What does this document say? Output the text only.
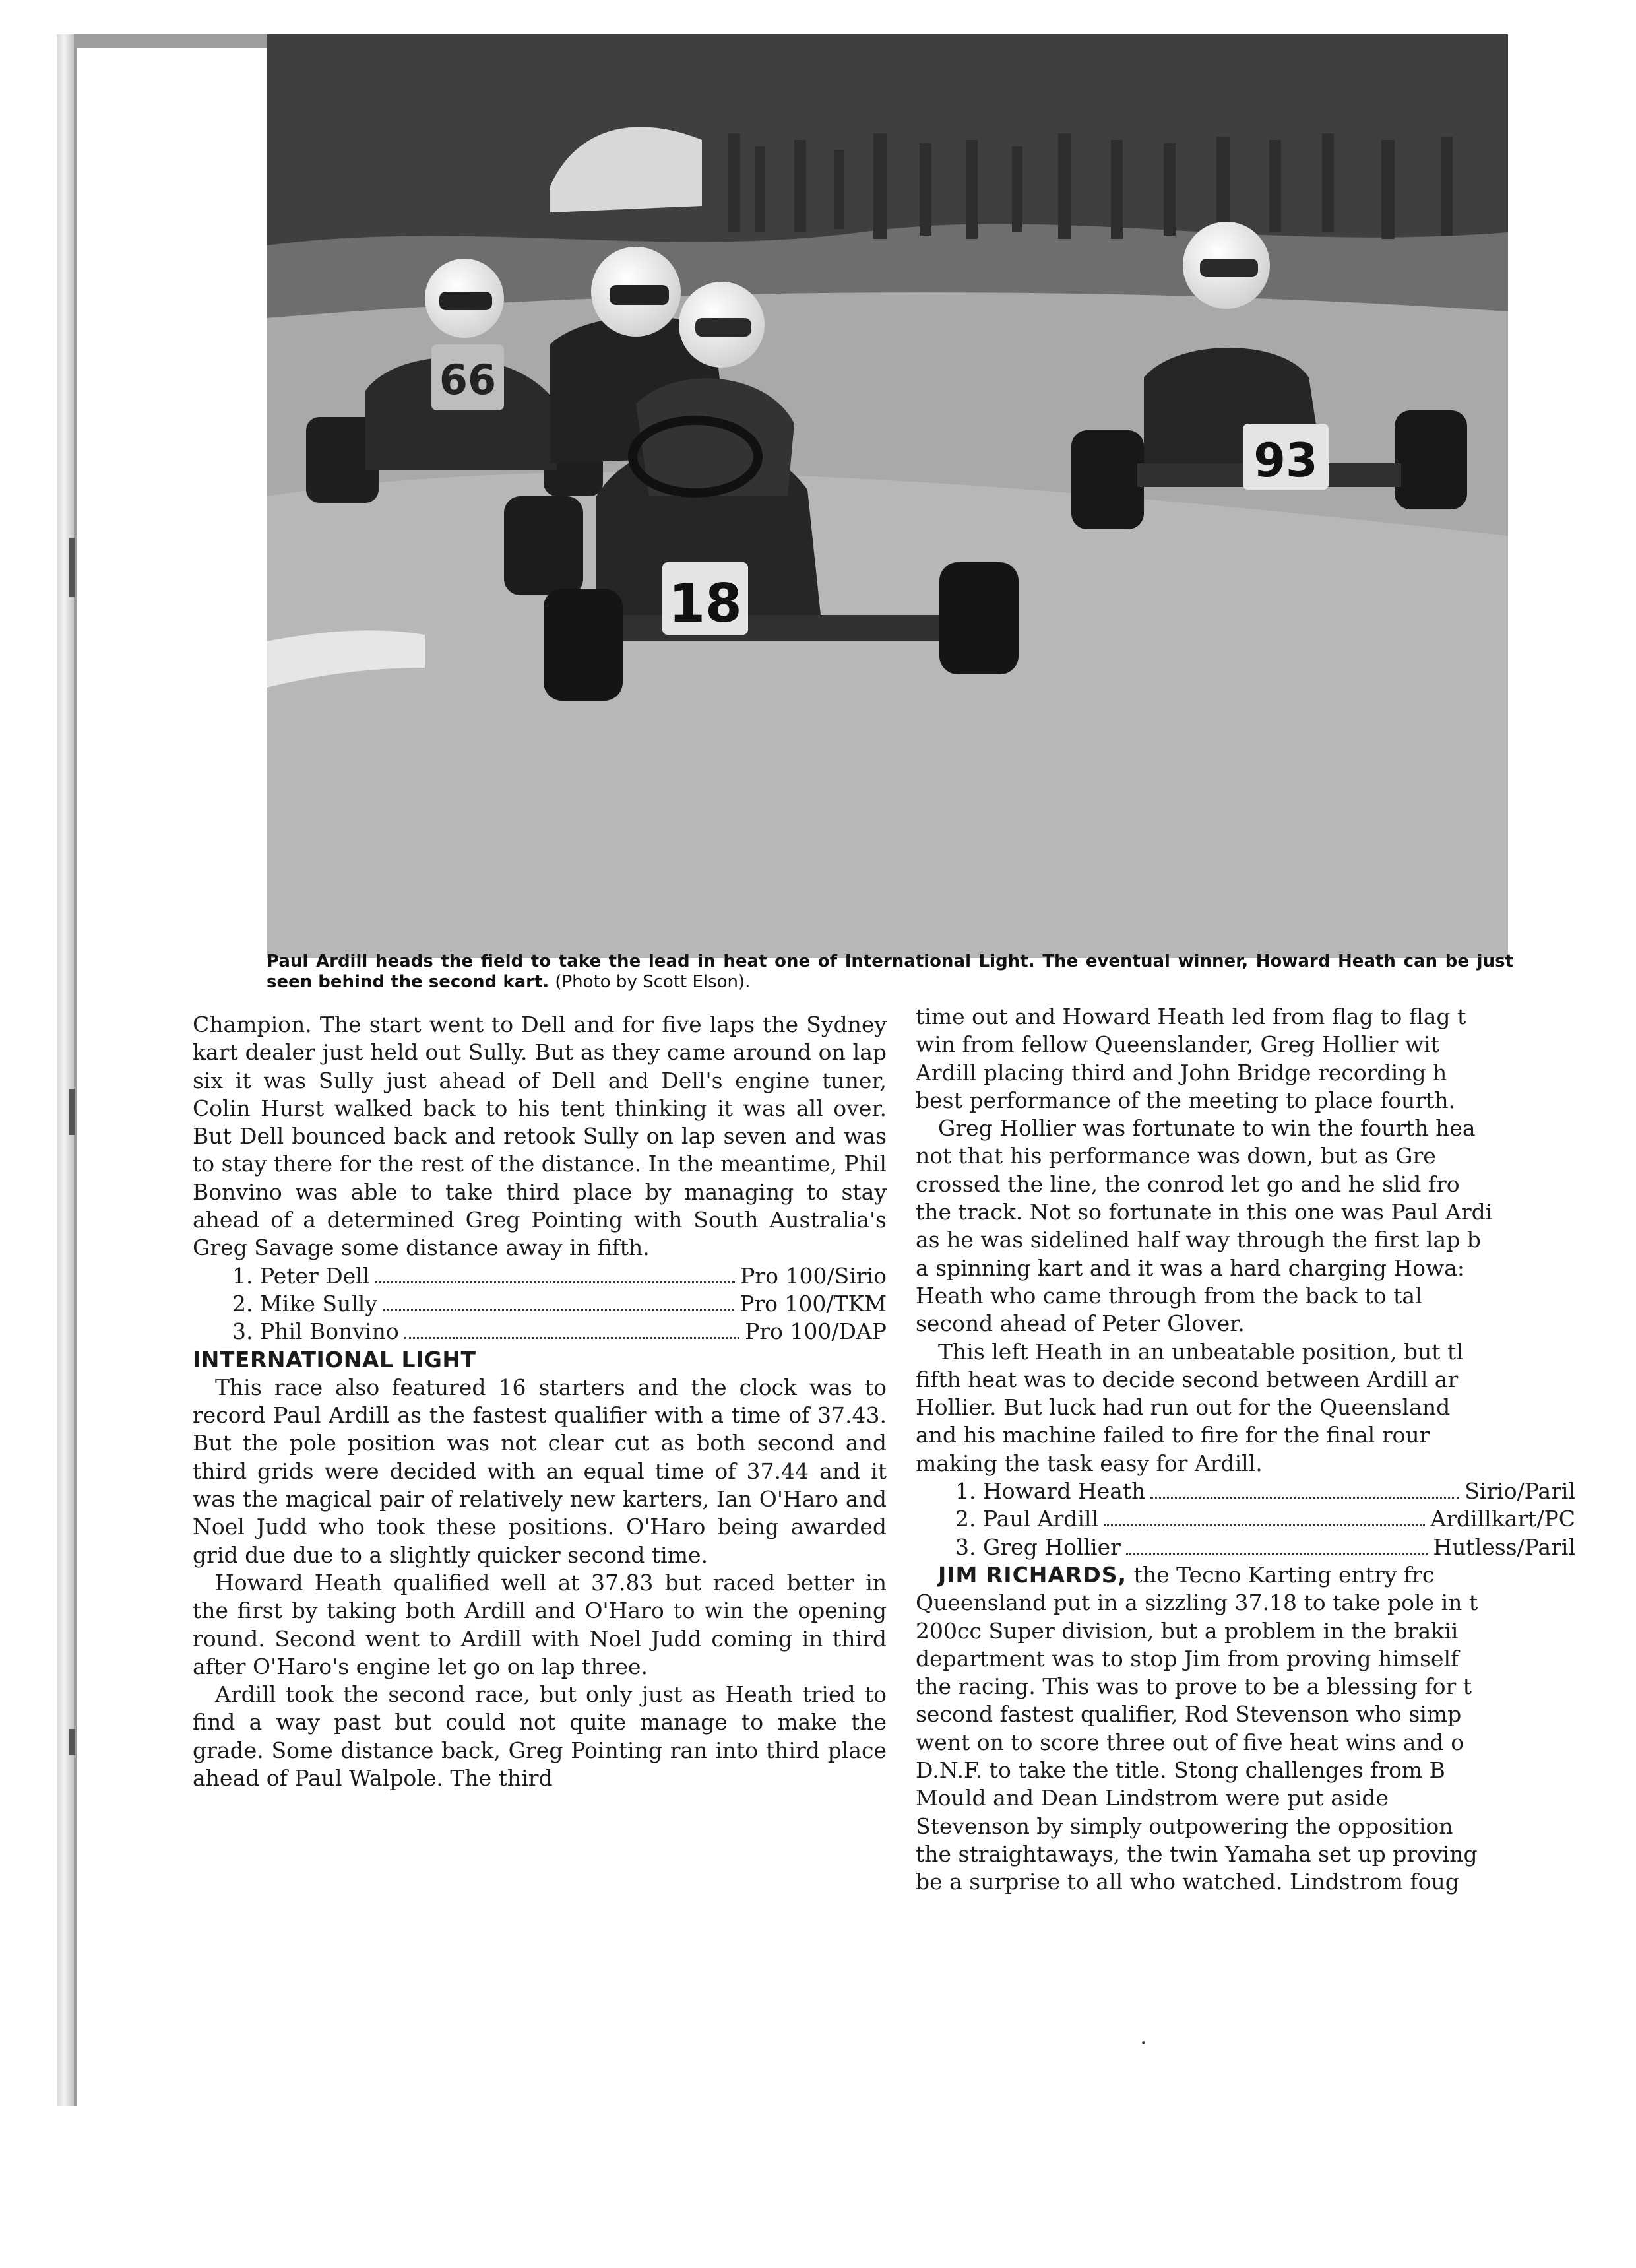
18
93
66
Paul Ardill heads the field to take the lead in heat one of International Light. The eventual winner, Howard Heath can be just seen behind the second kart. (Photo by Scott Elson).

Champion. The start went to Dell and for five laps the Sydney kart dealer just held out Sully. But as they came around on lap six it was Sully just ahead of Dell and Dell's engine tuner, Colin Hurst walked back to his tent thinking it was all over. But Dell bounced back and retook Sully on lap seven and was to stay there for the rest of the distance. In the meantime, Phil Bonvino was able to take third place by managing to stay ahead of a determined Greg Pointing with South Australia's Greg Savage some distance away in fifth.

1. Peter Dell	Pro 100/Sirio
2. Mike Sully	Pro 100/TKM
3. Phil Bonvino	Pro 100/DAP
INTERNATIONAL LIGHT

This race also featured 16 starters and the clock was to record Paul Ardill as the fastest qualifier with a time of 37.43. But the pole position was not clear cut as both second and third grids were decided with an equal time of 37.44 and it was the magical pair of relatively new karters, Ian O'Haro and Noel Judd who took these positions. O'Haro being awarded grid due due to a slightly quicker second time.

Howard Heath qualified well at 37.83 but raced better in the first by taking both Ardill and O'Haro to win the opening round. Second went to Ardill with Noel Judd coming in third after O'Haro's engine let go on lap three.

Ardill took the second race, but only just as Heath tried to find a way past but could not quite manage to make the grade. Some distance back, Greg Pointing ran into third place ahead of Paul Walpole. The third

time out and Howard Heath led from flag to flag t

win from fellow Queenslander, Greg Hollier wit

Ardill placing third and John Bridge recording h

best performance of the meeting to place fourth.

Greg Hollier was fortunate to win the fourth hea

not that his performance was down, but as Gre

crossed the line, the conrod let go and he slid fro

the track. Not so fortunate in this one was Paul Ardi

as he was sidelined half way through the first lap b

a spinning kart and it was a hard charging Howa:

Heath who came through from the back to tal

second ahead of Peter Glover.

This left Heath in an unbeatable position, but tl

fifth heat was to decide second between Ardill ar

Hollier. But luck had run out for the Queensland

and his machine failed to fire for the final rour

making the task easy for Ardill.

1. Howard Heath	Sirio/Paril
2. Paul Ardill	Ardillkart/PC
3. Greg Hollier	Hutless/Paril

JIM RICHARDS, the Tecno Karting entry frc

Queensland put in a sizzling 37.18 to take pole in t

200cc Super division, but a problem in the brakii

department was to stop Jim from proving himself

the racing. This was to prove to be a blessing for t

second fastest qualifier, Rod Stevenson who simp

went on to score three out of five heat wins and o

D.N.F. to take the title. Stong challenges from B

Mould and Dean Lindstrom were put aside

Stevenson by simply outpowering the opposition

the straightaways, the twin Yamaha set up proving

be a surprise to all who watched. Lindstrom foug

·
